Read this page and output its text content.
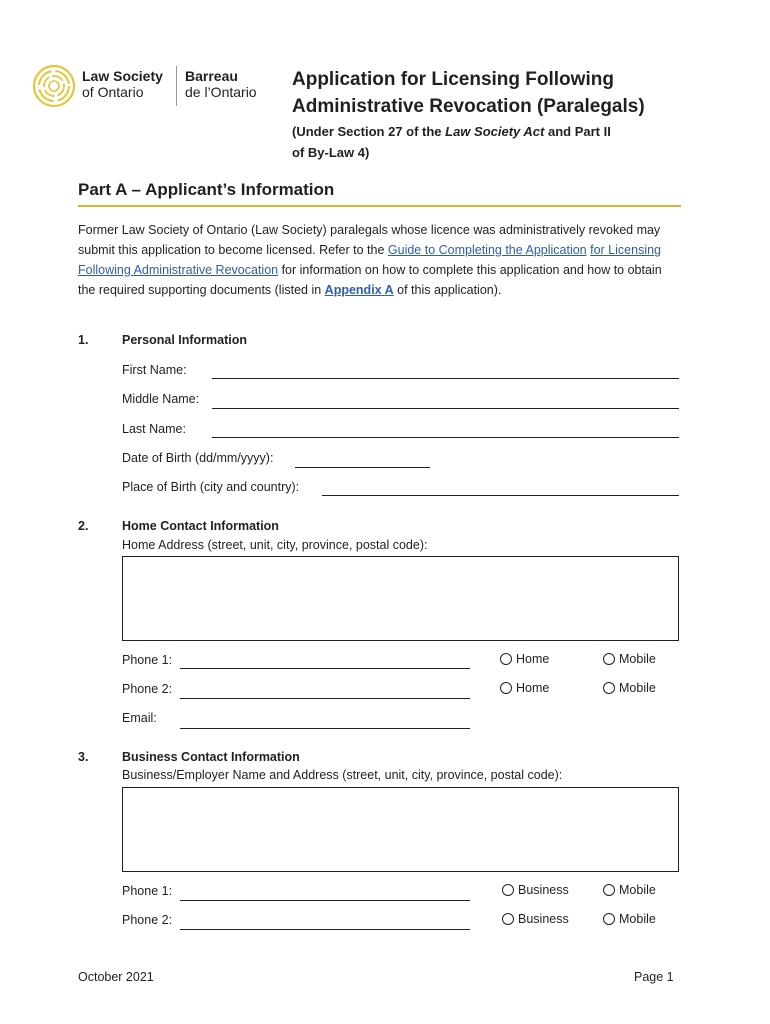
Law Society
of Ontario
Barreau
de l’Ontario
Application for Licensing Following
Administrative Revocation (Paralegals)
(Under Section 27 of the Law Society Act and Part II
of By-Law 4)
Part A – Applicant’s Information
Former Law Society of Ontario (Law Society) paralegals whose licence was administratively revoked may submit this application to become licensed. Refer to the Guide to Completing the Application for Licensing Following Administrative Revocation for information on how to complete this application and how to obtain the required supporting documents (listed in Appendix A of this application).
1.	Personal Information
First Name:
Middle Name:
Last Name:
Date of Birth (dd/mm/yyyy):
Place of Birth (city and country):
2.	Home Contact Information
Home Address (street, unit, city, province, postal code):
Phone 1:	Home	Mobile
Phone 2:	Home	Mobile
Email:
3.	Business Contact Information
Business/Employer Name and Address (street, unit, city, province, postal code):
Phone 1:	Business	Mobile
Phone 2:	Business	Mobile
October 2021	Page 1
